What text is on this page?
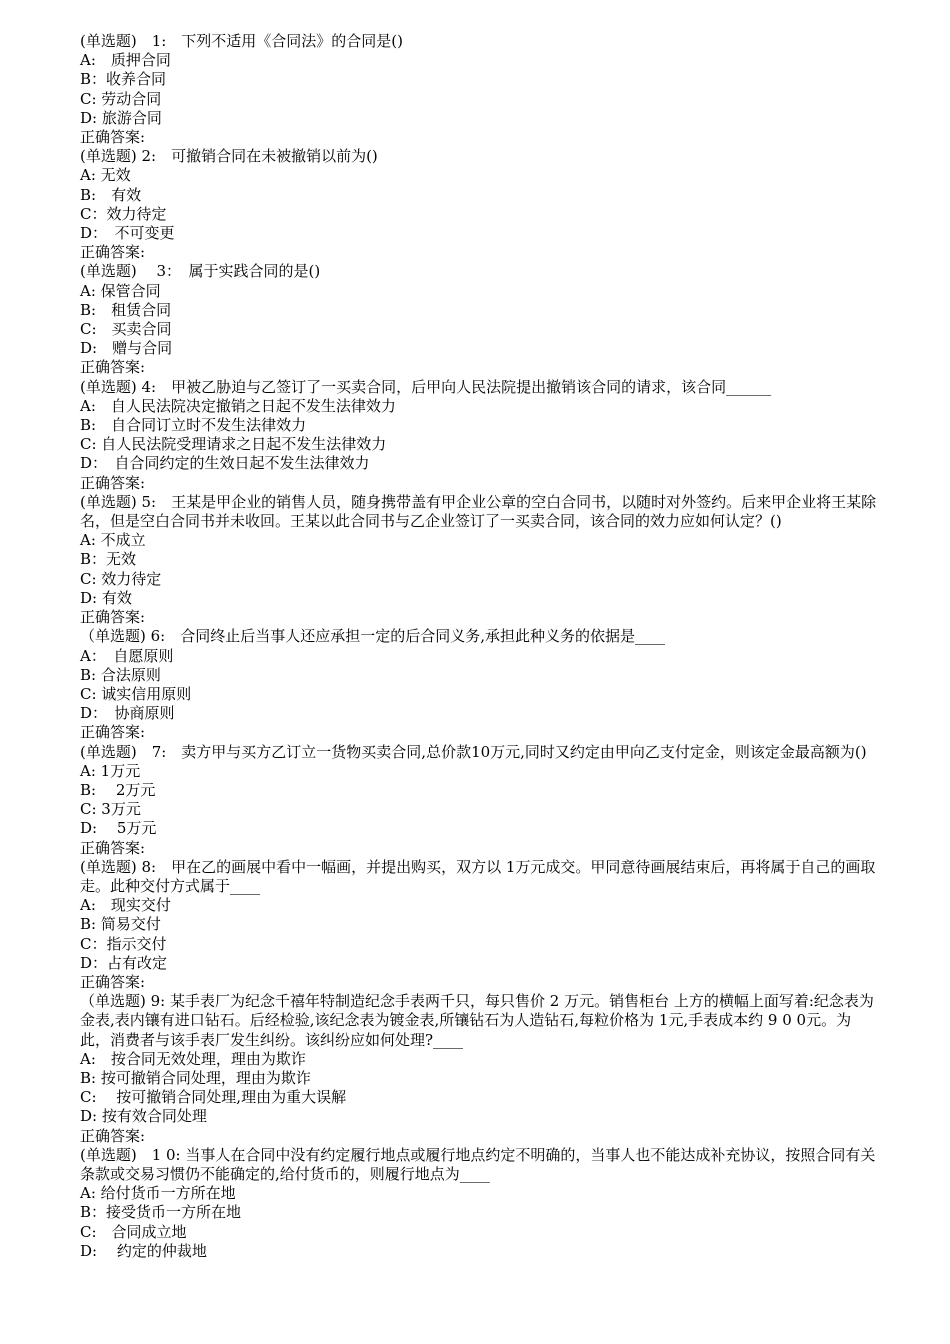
(单选题)　1:　下列不适用《合同法》的合同是()
A:　质押合同
B：收养合同
C: 劳动合同
D: 旅游合同
正确答案:
(单选题) 2:　可撤销合同在未被撤销以前为()
A: 无效
B:　有效
C：效力待定
D：　不可变更
正确答案:
(单选题)　 3：　属于实践合同的是()
A: 保管合同
B:　租赁合同
C:　买卖合同
D:　赠与合同
正确答案:
(单选题) 4:　甲被乙胁迫与乙签订了一买卖合同，后甲向人民法院提出撤销该合同的请求，该合同______
A:　自人民法院决定撤销之日起不发生法律效力
B:　自合同订立时不发生法律效力
C: 自人民法院受理请求之日起不发生法律效力
D：　自合同约定的生效日起不发生法律效力
正确答案:
(单选题) 5:　王某是甲企业的销售人员，随身携带盖有甲企业公章的空白合同书，以随时对外签约。后来甲企业将王某除名，但是空白合同书并未收回。王某以此合同书与乙企业签订了一买卖合同，该合同的效力应如何认定？()
A: 不成立
B：无效
C: 效力待定
D: 有效
正确答案:
（单选题) 6:　合同终止后当事人还应承担一定的后合同义务,承担此种义务的依据是____
A：　自愿原则
B: 合法原则
C: 诚实信用原则
D：　协商原则
正确答案:
(单选题)　7:　卖方甲与买方乙订立一货物买卖合同,总价款10万元,同时又约定由甲向乙支付定金，则该定金最高额为()
A: 1万元
B:　 2万元
C: 3万元
D:　 5万元
正确答案:
(单选题) 8:　甲在乙的画展中看中一幅画，并提出购买，双方以 1万元成交。甲同意待画展结束后，再将属于自己的画取走。此种交付方式属于____
A:　现实交付
B: 简易交付
C：指示交付
D：占有改定
正确答案:
（单选题) 9: 某手表厂为纪念千禧年特制造纪念手表两千只，每只售价 2 万元。销售柜台 上方的横幅上面写着:纪念表为金表,表内镶有进口钻石。后经检验,该纪念表为镀金表,所镶钻石为人造钻石,每粒价格为 1元,手表成本约 9 0 0元。为此，消费者与该手表厂发生纠纷。该纠纷应如何处理?____
A:　按合同无效处理，理由为欺诈
B: 按可撤销合同处理，理由为欺诈
C:　 按可撤销合同处理,理由为重大误解
D: 按有效合同处理
正确答案:
(单选题)　1 0: 当事人在合同中没有约定履行地点或履行地点约定不明确的，当事人也不能达成补充协议，按照合同有关条款或交易习惯仍不能确定的,给付货币的，则履行地点为____
A: 给付货币一方所在地
B：接受货币一方所在地
C:　合同成立地
D:　 约定的仲裁地
